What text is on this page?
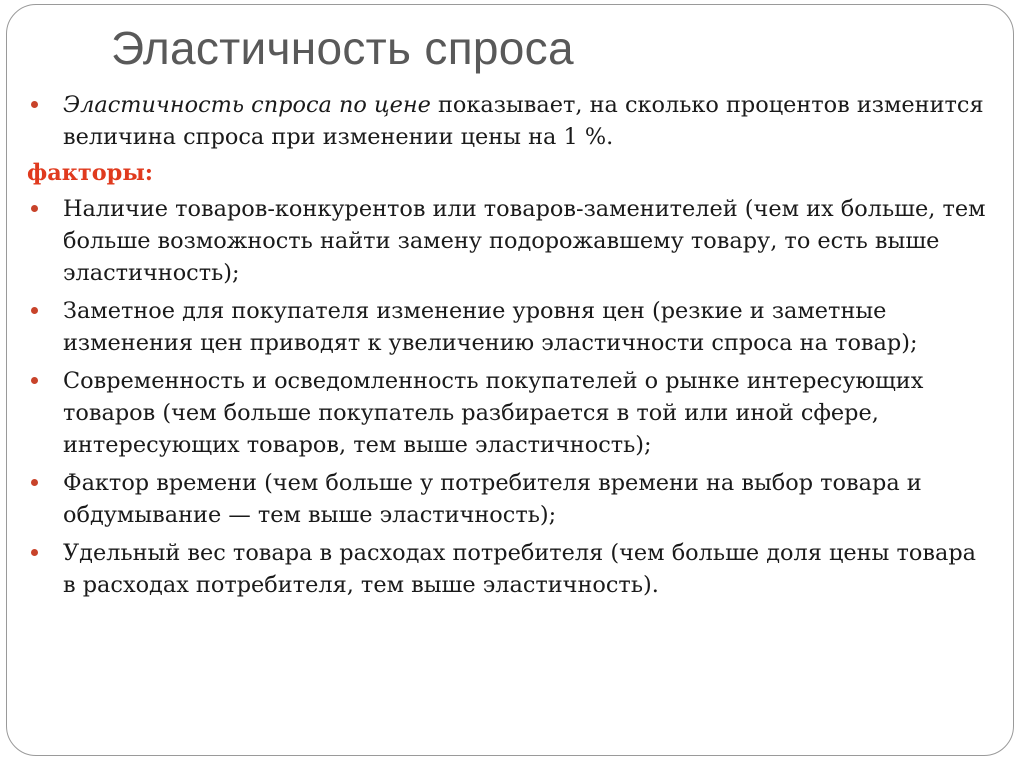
Эластичность спроса
Эластичность спроса по цене показывает, на сколько процентов изменится величина спроса при изменении цены на 1 %.
факторы:
Наличие товаров-конкурентов или товаров-заменителей (чем их больше, тем больше возможность найти замену подорожавшему товару, то есть выше эластичность);
Заметное для покупателя изменение уровня цен (резкие и заметные изменения цен приводят к увеличению эластичности спроса на товар);
Современность и осведомленность покупателей о рынке интересующих товаров (чем больше покупатель разбирается в той или иной сфере, интересующих товаров, тем выше эластичность);
Фактор времени (чем больше у потребителя времени на выбор товара и обдумывание — тем выше эластичность);
Удельный вес товара в расходах потребителя (чем больше доля цены товара в расходах потребителя, тем выше эластичность).
